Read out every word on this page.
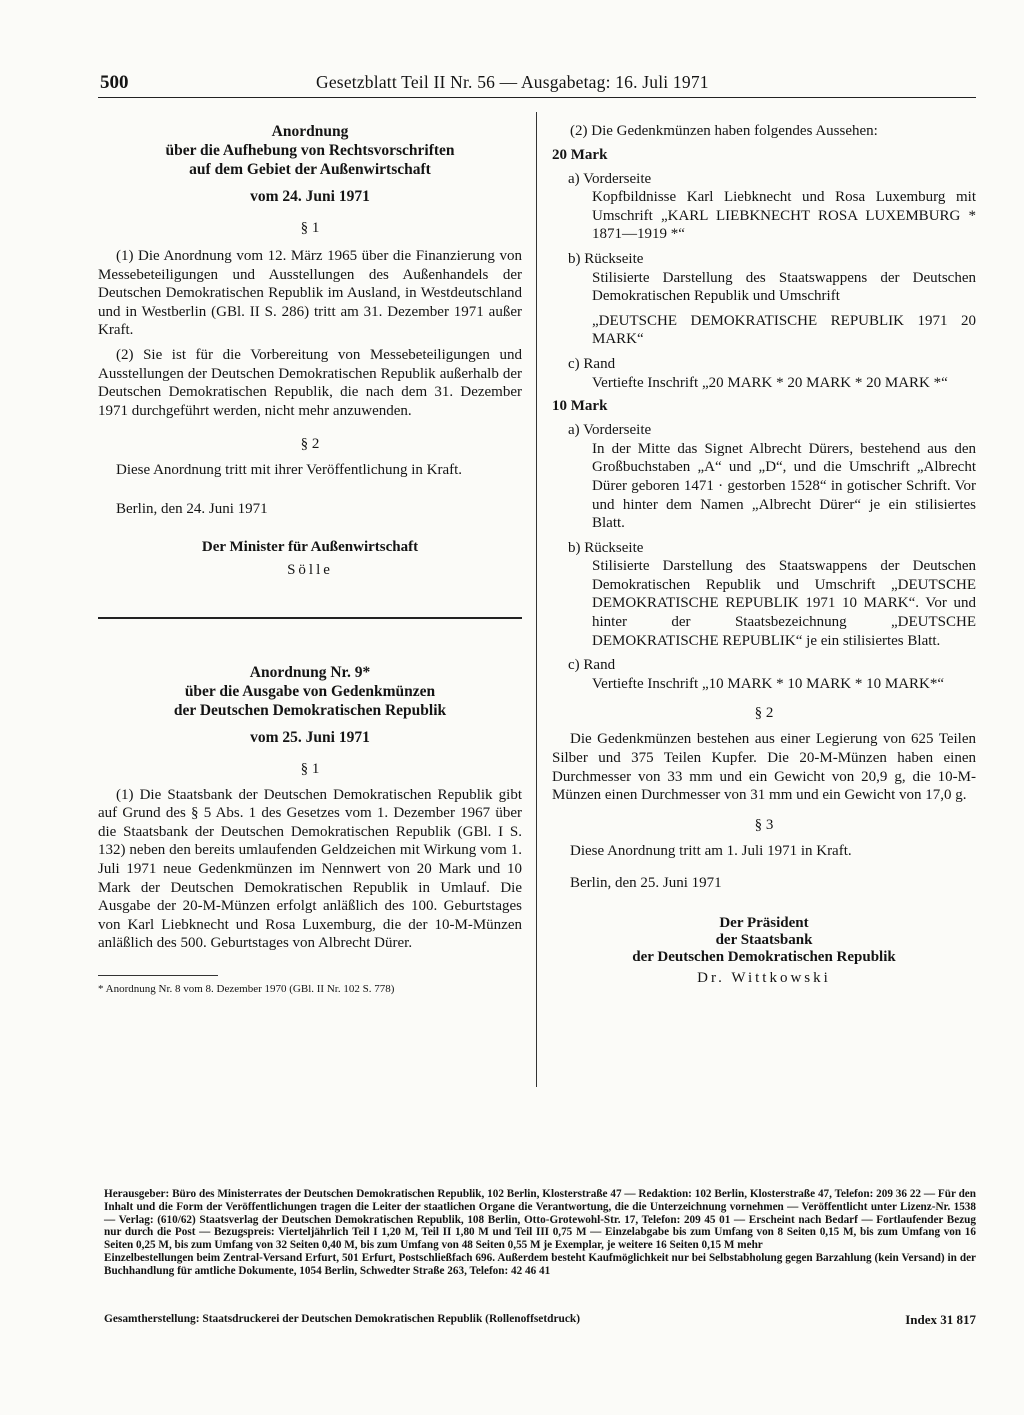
500	Gesetzblatt Teil II Nr. 56 — Ausgabetag: 16. Juli 1971

Anordnung

über die Aufhebung von Rechtsvorschriften

auf dem Gebiet der Außenwirtschaft

vom 24. Juni 1971

§ 1

(1) Die Anordnung vom 12. März 1965 über die Finanzierung von Messebeteiligungen und Ausstellungen des Außenhandels der Deutschen Demokratischen Republik im Ausland, in Westdeutschland und in Westberlin (GBl. II S. 286) tritt am 31. Dezember 1971 außer Kraft.

(2) Sie ist für die Vorbereitung von Messebeteiligungen und Ausstellungen der Deutschen Demokratischen Republik außerhalb der Deutschen Demokratischen Republik, die nach dem 31. Dezember 1971 durchgeführt werden, nicht mehr anzuwenden.

§ 2

Diese Anordnung tritt mit ihrer Veröffentlichung in Kraft.

Berlin, den 24. Juni 1971

Der Minister für Außenwirtschaft

Sölle

Anordnung Nr. 9*

über die Ausgabe von Gedenkmünzen

der Deutschen Demokratischen Republik

vom 25. Juni 1971

§ 1

(1) Die Staatsbank der Deutschen Demokratischen Republik gibt auf Grund des § 5 Abs. 1 des Gesetzes vom 1. Dezember 1967 über die Staatsbank der Deutschen Demokratischen Republik (GBl. I S. 132) neben den bereits umlaufenden Geldzeichen mit Wirkung vom 1. Juli 1971 neue Gedenkmünzen im Nennwert von 20 Mark und 10 Mark der Deutschen Demokratischen Republik in Umlauf. Die Ausgabe der 20-M-Münzen erfolgt anläßlich des 100. Geburtstages von Karl Liebknecht und Rosa Luxemburg, die der 10-M-Münzen anläßlich des 500. Geburtstages von Albrecht Dürer.

* Anordnung Nr. 8 vom 8. Dezember 1970 (GBl. II Nr. 102 S. 778)

(2) Die Gedenkmünzen haben folgendes Aussehen:

20 Mark

a) Vorderseite

Kopfbildnisse Karl Liebknecht und Rosa Luxemburg mit Umschrift „KARL LIEBKNECHT ROSA LUXEMBURG * 1871—1919 *“

b) Rückseite

Stilisierte Darstellung des Staatswappens der Deutschen Demokratischen Republik und Umschrift

„DEUTSCHE DEMOKRATISCHE REPUBLIK 1971 20 MARK“

c) Rand

Vertiefte Inschrift „20 MARK * 20 MARK * 20 MARK *“

10 Mark

a) Vorderseite

In der Mitte das Signet Albrecht Dürers, bestehend aus den Großbuchstaben „A“ und „D“, und die Umschrift „Albrecht Dürer geboren 1471 · gestorben 1528“ in gotischer Schrift. Vor und hinter dem Namen „Albrecht Dürer“ je ein stilisiertes Blatt.

b) Rückseite

Stilisierte Darstellung des Staatswappens der Deutschen Demokratischen Republik und Umschrift „DEUTSCHE DEMOKRATISCHE REPUBLIK 1971 10 MARK“. Vor und hinter der Staatsbezeichnung „DEUTSCHE DEMOKRATISCHE REPUBLIK“ je ein stilisiertes Blatt.

c) Rand

Vertiefte Inschrift „10 MARK * 10 MARK * 10 MARK*“

§ 2

Die Gedenkmünzen bestehen aus einer Legierung von 625 Teilen Silber und 375 Teilen Kupfer. Die 20-M-Münzen haben einen Durchmesser von 33 mm und ein Gewicht von 20,9 g, die 10-M-Münzen einen Durchmesser von 31 mm und ein Gewicht von 17,0 g.

§ 3

Diese Anordnung tritt am 1. Juli 1971 in Kraft.

Berlin, den 25. Juni 1971

Der Präsident

der Staatsbank

der Deutschen Demokratischen Republik

Dr. Wittkowski

Herausgeber: Büro des Ministerrates der Deutschen Demokratischen Republik, 102 Berlin, Klosterstraße 47 — Redaktion: 102 Berlin, Klosterstraße 47, Telefon: 209 36 22 — Für den Inhalt und die Form der Veröffentlichungen tragen die Leiter der staatlichen Organe die Verantwortung, die die Unterzeichnung vornehmen — Veröffentlicht unter Lizenz-Nr. 1538 — Verlag: (610/62) Staatsverlag der Deutschen Demokratischen Republik, 108 Berlin, Otto-Grotewohl-Str. 17, Telefon: 209 45 01 — Erscheint nach Bedarf — Fortlaufender Bezug nur durch die Post — Bezugspreis: Vierteljährlich Teil I 1,20 M, Teil II 1,80 M und Teil III 0,75 M — Einzelabgabe bis zum Umfang von 8 Seiten 0,15 M, bis zum Umfang von 16 Seiten 0,25 M, bis zum Umfang von 32 Seiten 0,40 M, bis zum Umfang von 48 Seiten 0,55 M je Exemplar, je weitere 16 Seiten 0,15 M mehr

Einzelbestellungen beim Zentral-Versand Erfurt, 501 Erfurt, Postschließfach 696. Außerdem besteht Kaufmöglichkeit nur bei Selbstabholung gegen Barzahlung (kein Versand) in der Buchhandlung für amtliche Dokumente, 1054 Berlin, Schwedter Straße 263, Telefon: 42 46 41

Gesamtherstellung: Staatsdruckerei der Deutschen Demokratischen Republik (Rollenoffsetdruck)	Index 31 817
